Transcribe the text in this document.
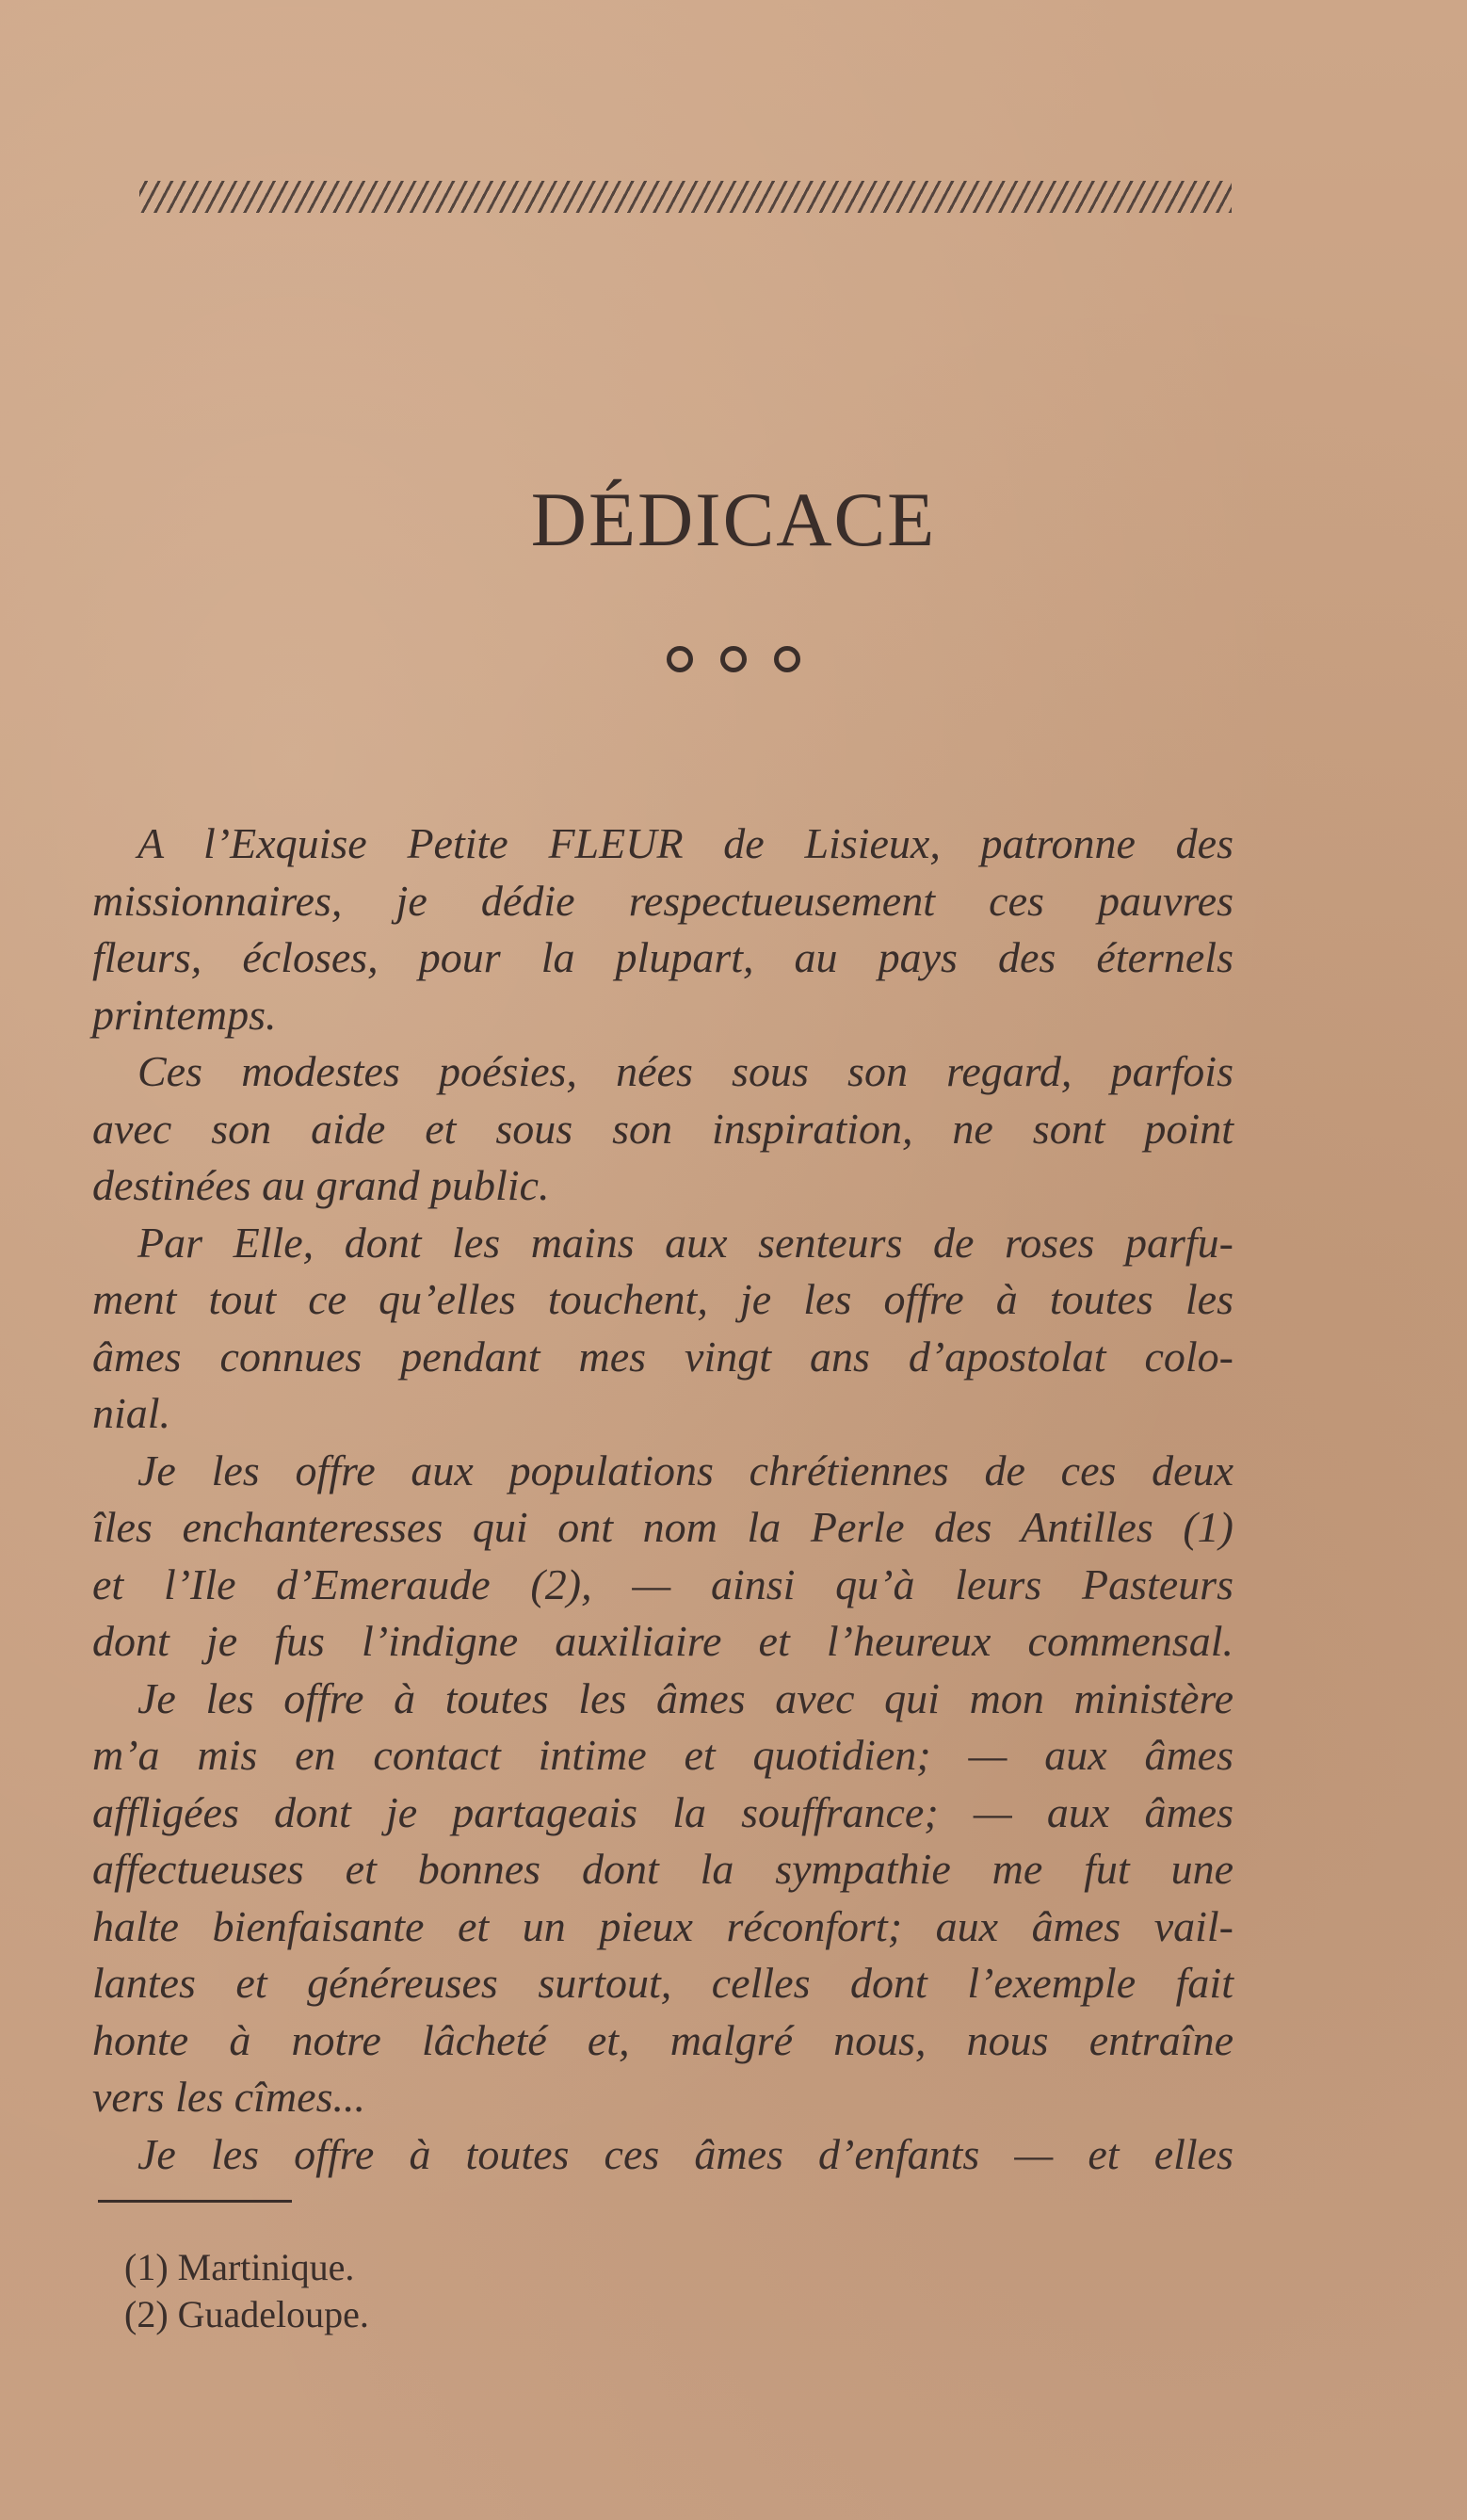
DÉDICACE

A l’Exquise Petite FLEUR de Lisieux, patronne des
missionnaires, je dédie respectueusement ces pauvres
fleurs, écloses, pour la plupart, au pays des éternels
printemps.
Ces modestes poésies, nées sous son regard, parfois
avec son aide et sous son inspiration, ne sont point
destinées au grand public.
Par Elle, dont les mains aux senteurs de roses parfu-
ment tout ce qu’elles touchent, je les offre à toutes les
âmes connues pendant mes vingt ans d’apostolat colo-
nial.
Je les offre aux populations chrétiennes de ces deux
îles enchanteresses qui ont nom la Perle des Antilles (1)
et l’Ile d’Emeraude (2), — ainsi qu’à leurs Pasteurs
dont je fus l’indigne auxiliaire et l’heureux commensal.
Je les offre à toutes les âmes avec qui mon ministère
m’a mis en contact intime et quotidien; — aux âmes
affligées dont je partageais la souffrance; — aux âmes
affectueuses et bonnes dont la sympathie me fut une
halte bienfaisante et un pieux réconfort; aux âmes vail-
lantes et généreuses surtout, celles dont l’exemple fait
honte à notre lâcheté et, malgré nous, nous entraîne
vers les cîmes...
Je les offre à toutes ces âmes d’enfants — et elles
(1) Martinique.
(2) Guadeloupe.
